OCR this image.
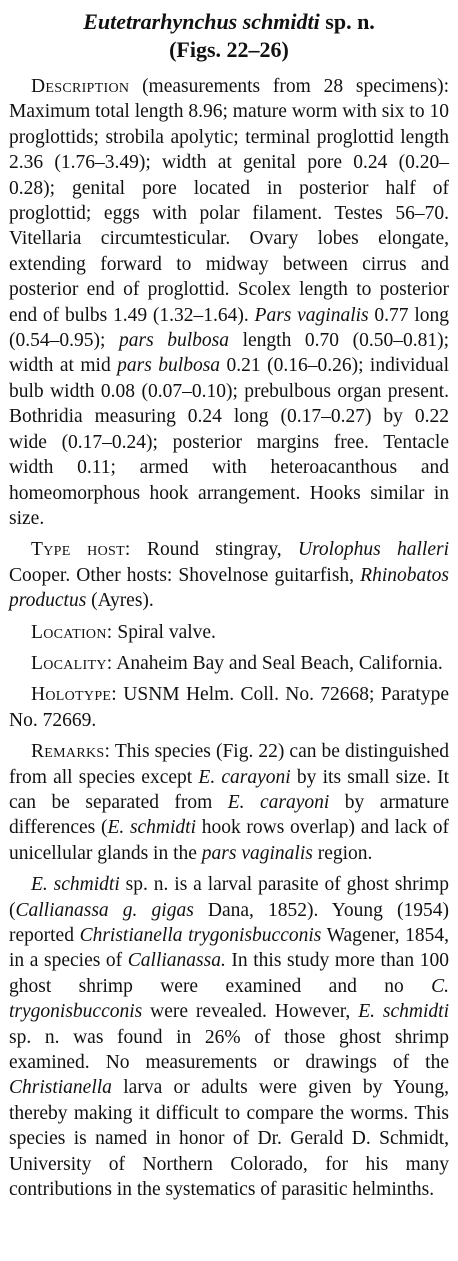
Eutetrarhynchus schmidti sp. n.
(Figs. 22–26)

Description (measurements from 28 specimens): Maximum total length 8.96; mature worm with six to 10 proglottids; strobila apolytic; terminal proglottid length 2.36 (1.76–3.49); width at genital pore 0.24 (0.20–0.28); genital pore located in posterior half of proglottid; eggs with polar filament. Testes 56–70. Vitellaria circumtesticular. Ovary lobes elongate, extending forward to midway between cirrus and posterior end of proglottid. Scolex length to posterior end of bulbs 1.49 (1.32–1.64). Pars vaginalis 0.77 long (0.54–0.95); pars bulbosa length 0.70 (0.50–0.81); width at mid pars bulbosa 0.21 (0.16–0.26); individual bulb width 0.08 (0.07–0.10); prebulbous organ present. Bothridia measuring 0.24 long (0.17–0.27) by 0.22 wide (0.17–0.24); posterior margins free. Tentacle width 0.11; armed with heteroacanthous and homeomorphous hook arrangement. Hooks similar in size.

Type host: Round stingray, Urolophus halleri Cooper. Other hosts: Shovelnose guitarfish, Rhinobatos productus (Ayres).

Location: Spiral valve.

Locality: Anaheim Bay and Seal Beach, California.

Holotype: USNM Helm. Coll. No. 72668; Paratype No. 72669.

Remarks: This species (Fig. 22) can be distinguished from all species except E. carayoni by its small size. It can be separated from E. carayoni by armature differences (E. schmidti hook rows overlap) and lack of unicellular glands in the pars vaginalis region.

E. schmidti sp. n. is a larval parasite of ghost shrimp (Callianassa g. gigas Dana, 1852). Young (1954) reported Christianella trygonisbucconis Wagener, 1854, in a species of Callianassa. In this study more than 100 ghost shrimp were examined and no C. trygonisbucconis were revealed. However, E. schmidti sp. n. was found in 26% of those ghost shrimp examined. No measurements or drawings of the Christianella larva or adults were given by Young, thereby making it difficult to compare the worms. This species is named in honor of Dr. Gerald D. Schmidt, University of Northern Colorado, for his many contributions in the systematics of parasitic helminths.
